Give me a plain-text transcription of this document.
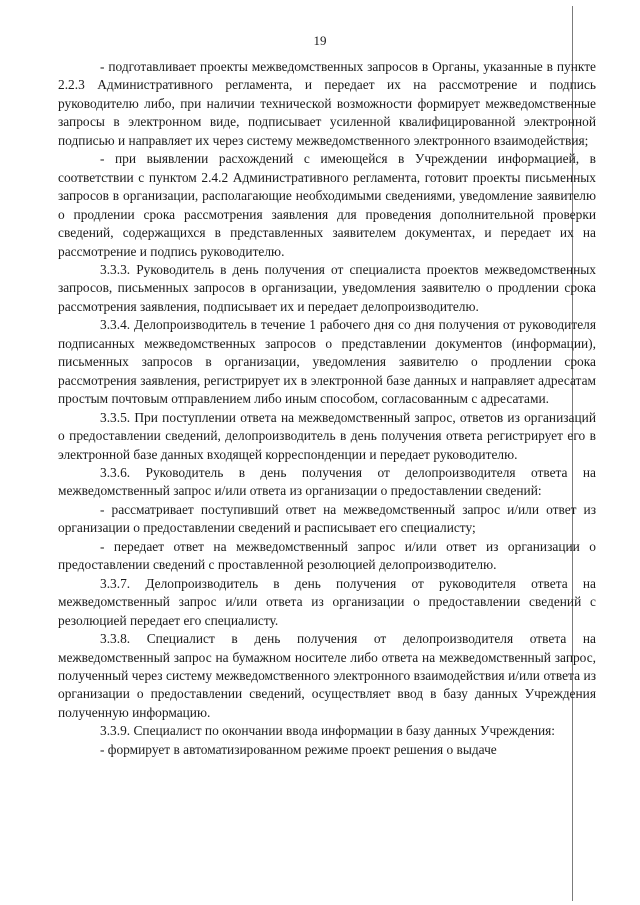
19

- подготавливает проекты межведомственных запросов в Органы, указанные в пункте 2.2.3 Административного регламента, и передает их на рассмотрение и подпись руководителю либо, при наличии технической возможности формирует межведомственные запросы в электронном виде, подписывает усиленной квалифицированной электронной подписью и направляет их через систему межведомственного электронного взаимодействия;

- при выявлении расхождений с имеющейся в Учреждении информацией, в соответствии с пунктом 2.4.2 Административного регламента, готовит проекты письменных запросов в организации, располагающие необходимыми сведениями, уведомление заявителю о продлении срока рассмотрения заявления для проведения дополнительной проверки сведений, содержащихся в представленных заявителем документах, и передает их на рассмотрение и подпись руководителю.

3.3.3. Руководитель в день получения от специалиста проектов межведомственных запросов, письменных запросов в организации, уведомления заявителю о продлении срока рассмотрения заявления, подписывает их и передает делопроизводителю.

3.3.4. Делопроизводитель в течение 1 рабочего дня со дня получения от руководителя подписанных межведомственных запросов о представлении документов (информации), письменных запросов в организации, уведомления заявителю о продлении срока рассмотрения заявления, регистрирует их в электронной базе данных и направляет адресатам простым почтовым отправлением либо иным способом, согласованным с адресатами.

3.3.5. При поступлении ответа на межведомственный запрос, ответов из организаций о предоставлении сведений, делопроизводитель в день получения ответа регистрирует его в электронной базе данных входящей корреспонденции и передает руководителю.

3.3.6. Руководитель в день получения от делопроизводителя ответа на межведомственный запрос и/или ответа из организации о предоставлении сведений:

- рассматривает поступивший ответ на межведомственный запрос и/или ответ из организации о предоставлении сведений и расписывает его специалисту;

- передает ответ на межведомственный запрос и/или ответ из организации о предоставлении сведений с проставленной резолюцией делопроизводителю.

3.3.7. Делопроизводитель в день получения от руководителя ответа на межведомственный запрос и/или ответа из организации о предоставлении сведений с резолюцией передает его специалисту.

3.3.8. Специалист в день получения от делопроизводителя ответа на межведомственный запрос на бумажном носителе либо ответа на межведомственный запрос, полученный через систему межведомственного электронного взаимодействия и/или ответа из организации о предоставлении сведений, осуществляет ввод в базу данных Учреждения полученную информацию.

3.3.9. Специалист по окончании ввода информации в базу данных Учреждения:

- формирует в автоматизированном режиме проект решения о выдаче
